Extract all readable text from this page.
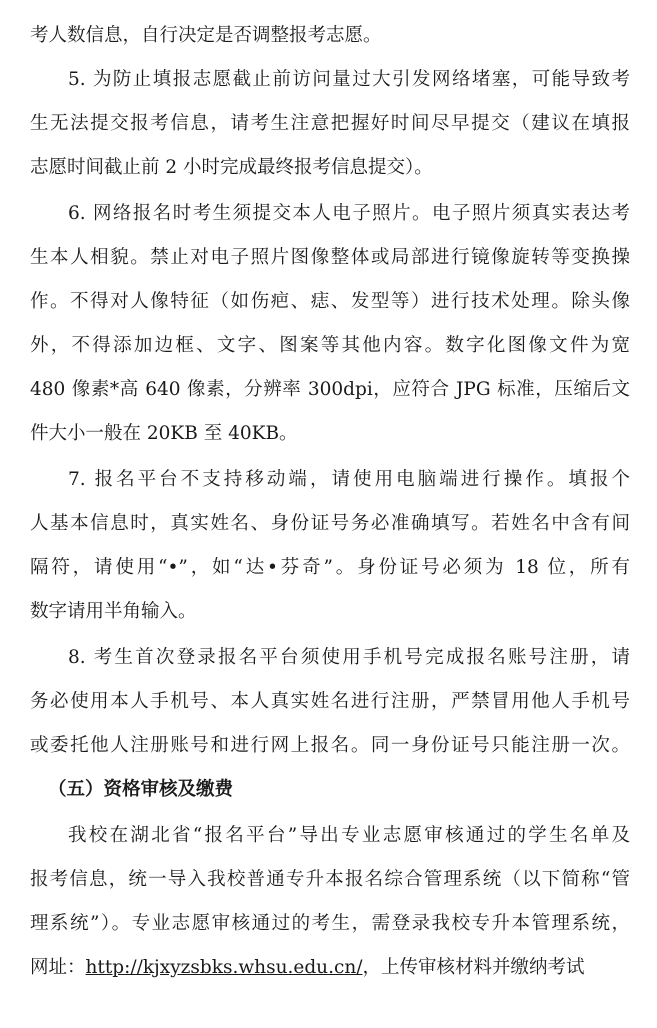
考人数信息，自行决定是否调整报考志愿。
5. 为防止填报志愿截止前访问量过大引发网络堵塞，可能导致考
生无法提交报考信息，请考生注意把握好时间尽早提交（建议在填报
志愿时间截止前 2 小时完成最终报考信息提交）。
6. 网络报名时考生须提交本人电子照片。电子照片须真实表达考
生本人相貌。禁止对电子照片图像整体或局部进行镜像旋转等变换操
作。不得对人像特征（如伤疤、痣、发型等）进行技术处理。除头像
外，不得添加边框、文字、图案等其他内容。数字化图像文件为宽
480 像素*高 640 像素，分辨率 300dpi，应符合 JPG 标准，压缩后文
件大小一般在 20KB 至 40KB。
7. 报名平台不支持移动端，请使用电脑端进行操作。填报个
人基本信息时，真实姓名、身份证号务必准确填写。若姓名中含有间
隔符，请使用“•”，如“达•芬奇”。身份证号必须为 18 位，所有
数字请用半角输入。
8. 考生首次登录报名平台须使用手机号完成报名账号注册，请
务必使用本人手机号、本人真实姓名进行注册，严禁冒用他人手机号
或委托他人注册账号和进行网上报名。同一身份证号只能注册一次。
（五）资格审核及缴费
我校在湖北省“报名平台”导出专业志愿审核通过的学生名单及
报考信息，统一导入我校普通专升本报名综合管理系统（以下简称“管
理系统”）。专业志愿审核通过的考生，需登录我校专升本管理系统，
网址：http://kjxyzsbks.whsu.edu.cn/，上传审核材料并缴纳考试
